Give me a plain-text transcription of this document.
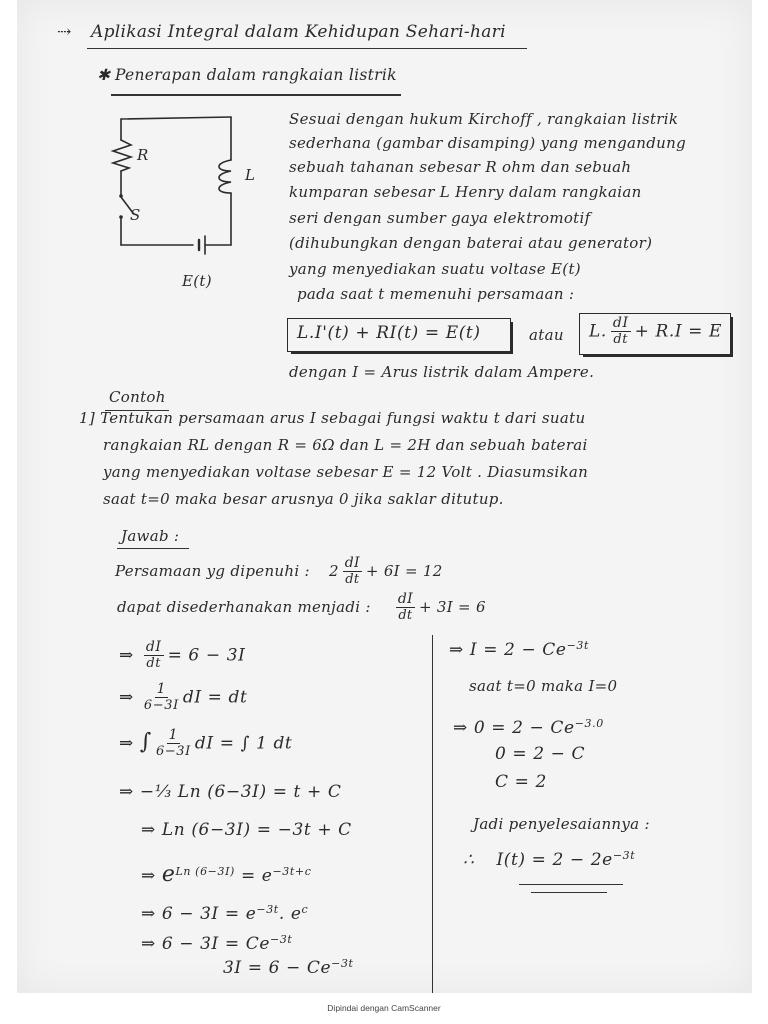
⇢ Aplikasi Integral dalam Kehidupan Sehari-hari
✱ Penerapan dalam rangkaian listrik
R
L
S
E(t)
Sesuai dengan hukum Kirchoff , rangkaian listrik
sederhana (gambar disamping) yang mengandung
sebuah tahanan sebesar R ohm dan sebuah
kumparan sebesar L Henry dalam rangkaian
seri dengan sumber gaya elektromotif
(dihubungkan dengan baterai atau generator)
yang menyediakan suatu voltase E(t)
pada saat t memenuhi persamaan :
L.I'(t) + RI(t) = E(t)	atau L. $\frac{dI}{dt} + R.I = E$
dengan I = Arus listrik dalam Ampere.
Contoh
1] Tentukan persamaan arus I sebagai fungsi waktu t dari suatu
rangkaian RL dengan R = 6Ω dan L = 2H dan sebuah baterai
yang menyediakan voltase sebesar E = 12 Volt . Diasumsikan
saat t=0 maka besar arusnya 0 jika saklar ditutup.
Jawab :
Persamaan yg dipenuhi : $2 \frac{dI}{dt} + 6I = 12$
dapat disederhanakan menjadi : $\frac{dI}{dt} + 3I = 6$
⇒ $\frac{dI}{dt} = 6 - 3I$
⇒ $\frac{1}{6-3I}$ dI = dt
⇒ ∫ $\frac{1}{6-3I}$ dI = ∫ 1 dt
⇒ −⅓ Ln (6−3I) = t + C
⇒ Ln (6−3I) = −3t + C
⇒ $e^{Ln (6-3I)} = e^{-3t+c}$
⇒ $6 - 3I = e^{-3t}$. $e^c$
⇒ $6 - 3I = Ce^{-3t}$
$3I = 6 - Ce^{-3t}$
⇒ $I = 2 - Ce^{-3t}$
saat t=0 maka I=0
⇒ $0 = 2 - Ce^{-3.0}$
0 = 2 − C
C = 2
Jadi penyelesaiannya :
∴ $I(t) = 2 - 2e^{-3t}$
Dipindai dengan CamScanner
